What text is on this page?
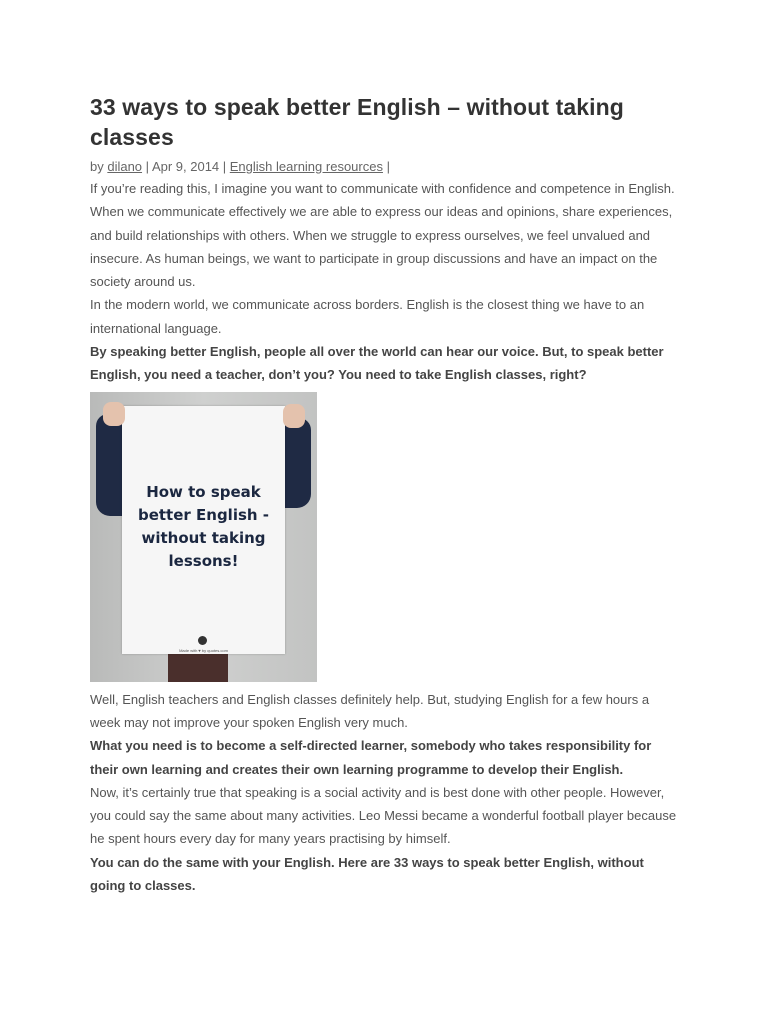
33 ways to speak better English – without taking classes
by dilano | Apr 9, 2014 | English learning resources |

If you’re reading this, I imagine you want to communicate with confidence and competence in English.

When we communicate effectively we are able to express our ideas and opinions, share experiences, and build relationships with others. When we struggle to express ourselves, we feel unvalued and insecure. As human beings, we want to participate in group discussions and have an impact on the society around us.

In the modern world, we communicate across borders. English is the closest thing we have to an international language.

By speaking better English, people all over the world can hear our voice. But, to speak better English, you need a teacher, don’t you? You need to take English classes, right?

How to speak
better English -
without taking
lessons!
Made with ♥ by quotes.com

Well, English teachers and English classes definitely help. But, studying English for a few hours a week may not improve your spoken English very much.

What you need is to become a self-directed learner, somebody who takes responsibility for their own learning and creates their own learning programme to develop their English.

Now, it’s certainly true that speaking is a social activity and is best done with other people. However, you could say the same about many activities. Leo Messi became a wonderful football player because he spent hours every day for many years practising by himself.

You can do the same with your English. Here are 33 ways to speak better English, without going to classes.
